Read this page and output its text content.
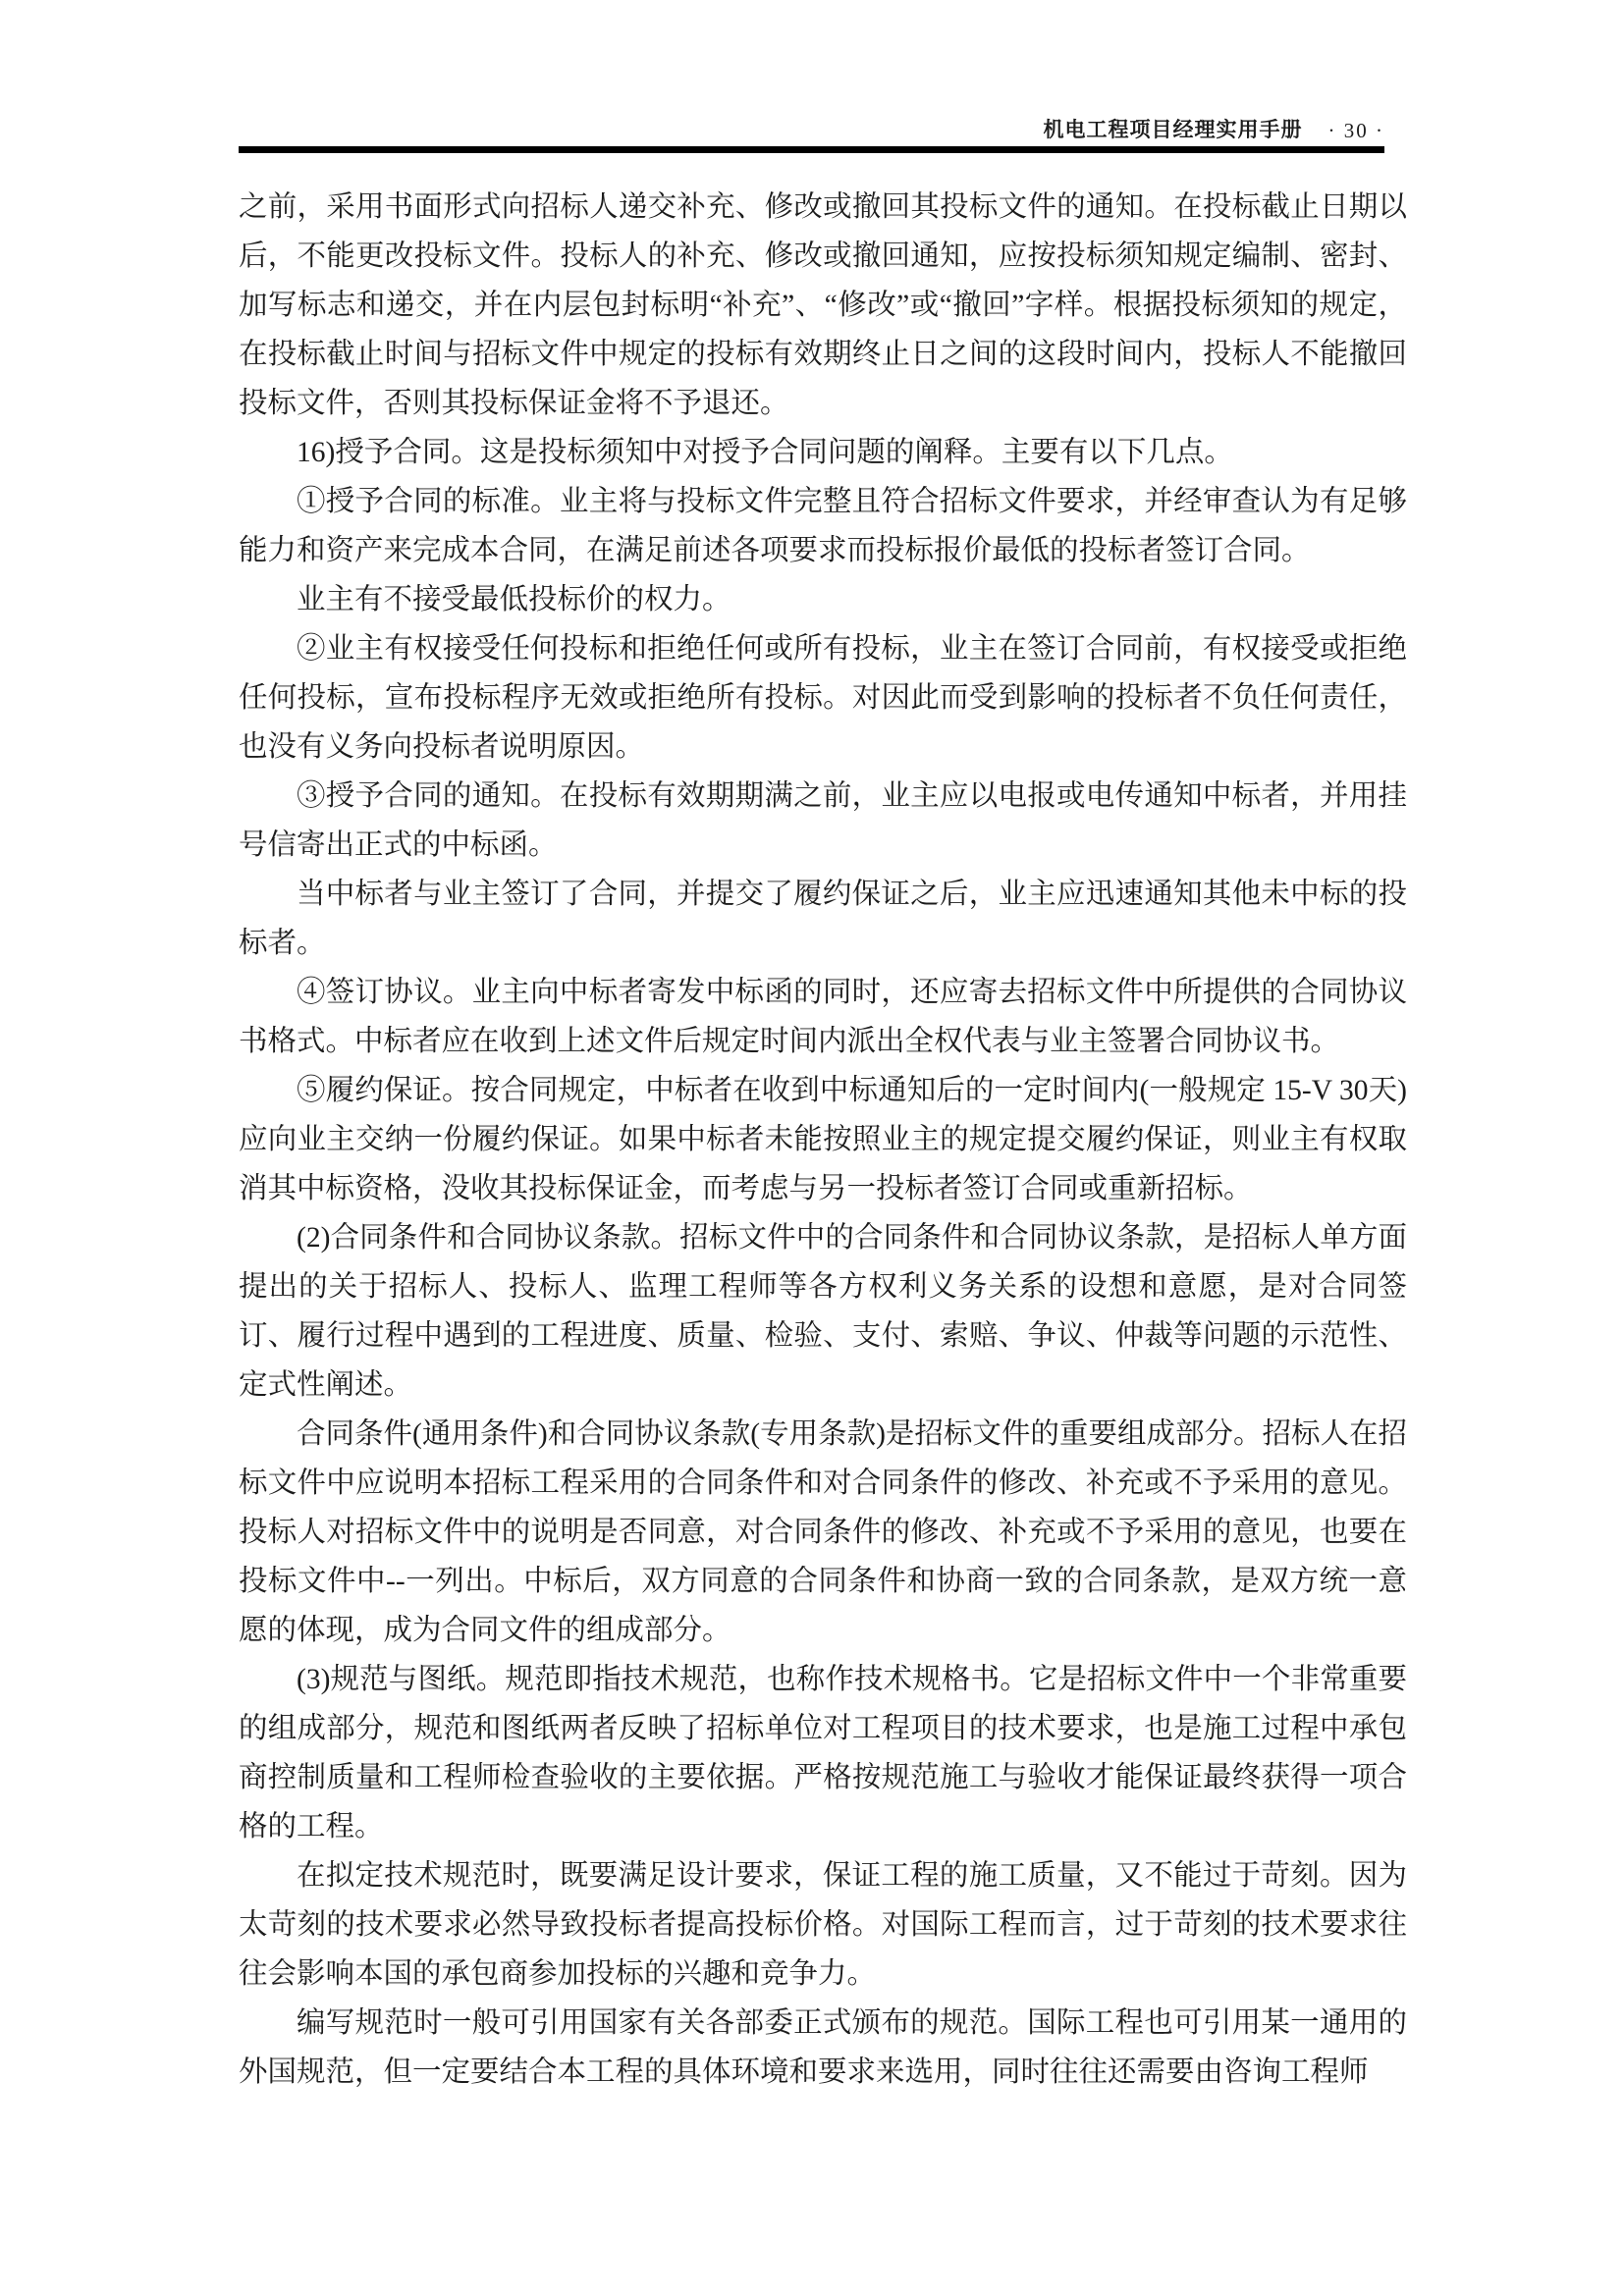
机电工程项目经理实用手册 · 30 ·

之前，采用书面形式向招标人递交补充、修改或撤回其投标文件的通知。在投标截止日期以后，不能更改投标文件。投标人的补充、修改或撤回通知，应按投标须知规定编制、密封、加写标志和递交，并在内层包封标明“补充”、“修改”或“撤回”字样。根据投标须知的规定，在投标截止时间与招标文件中规定的投标有效期终止日之间的这段时间内，投标人不能撤回投标文件，否则其投标保证金将不予退还。

16)授予合同。这是投标须知中对授予合同问题的阐释。主要有以下几点。

①授予合同的标准。业主将与投标文件完整且符合招标文件要求，并经审查认为有足够能力和资产来完成本合同，在满足前述各项要求而投标报价最低的投标者签订合同。

业主有不接受最低投标价的权力。

②业主有权接受任何投标和拒绝任何或所有投标，业主在签订合同前，有权接受或拒绝任何投标，宣布投标程序无效或拒绝所有投标。对因此而受到影响的投标者不负任何责任，也没有义务向投标者说明原因。

③授予合同的通知。在投标有效期期满之前，业主应以电报或电传通知中标者，并用挂号信寄出正式的中标函。

当中标者与业主签订了合同，并提交了履约保证之后，业主应迅速通知其他未中标的投标者。

④签订协议。业主向中标者寄发中标函的同时，还应寄去招标文件中所提供的合同协议书格式。中标者应在收到上述文件后规定时间内派出全权代表与业主签署合同协议书。

⑤履约保证。按合同规定，中标者在收到中标通知后的一定时间内(一般规定 15-V 30天)应向业主交纳一份履约保证。如果中标者未能按照业主的规定提交履约保证，则业主有权取消其中标资格，没收其投标保证金，而考虑与另一投标者签订合同或重新招标。

(2)合同条件和合同协议条款。招标文件中的合同条件和合同协议条款，是招标人单方面提出的关于招标人、投标人、监理工程师等各方权利义务关系的设想和意愿，是对合同签订、履行过程中遇到的工程进度、质量、检验、支付、索赔、争议、仲裁等问题的示范性、定式性阐述。

合同条件(通用条件)和合同协议条款(专用条款)是招标文件的重要组成部分。招标人在招标文件中应说明本招标工程采用的合同条件和对合同条件的修改、补充或不予采用的意见。投标人对招标文件中的说明是否同意，对合同条件的修改、补充或不予采用的意见，也要在投标文件中--一列出。中标后，双方同意的合同条件和协商一致的合同条款，是双方统一意愿的体现，成为合同文件的组成部分。

(3)规范与图纸。规范即指技术规范，也称作技术规格书。它是招标文件中一个非常重要的组成部分，规范和图纸两者反映了招标单位对工程项目的技术要求，也是施工过程中承包商控制质量和工程师检查验收的主要依据。严格按规范施工与验收才能保证最终获得一项合格的工程。

在拟定技术规范时，既要满足设计要求，保证工程的施工质量，又不能过于苛刻。因为太苛刻的技术要求必然导致投标者提高投标价格。对国际工程而言，过于苛刻的技术要求往往会影响本国的承包商参加投标的兴趣和竞争力。

编写规范时一般可引用国家有关各部委正式颁布的规范。国际工程也可引用某一通用的外国规范，但一定要结合本工程的具体环境和要求来选用，同时往往还需要由咨询工程师
